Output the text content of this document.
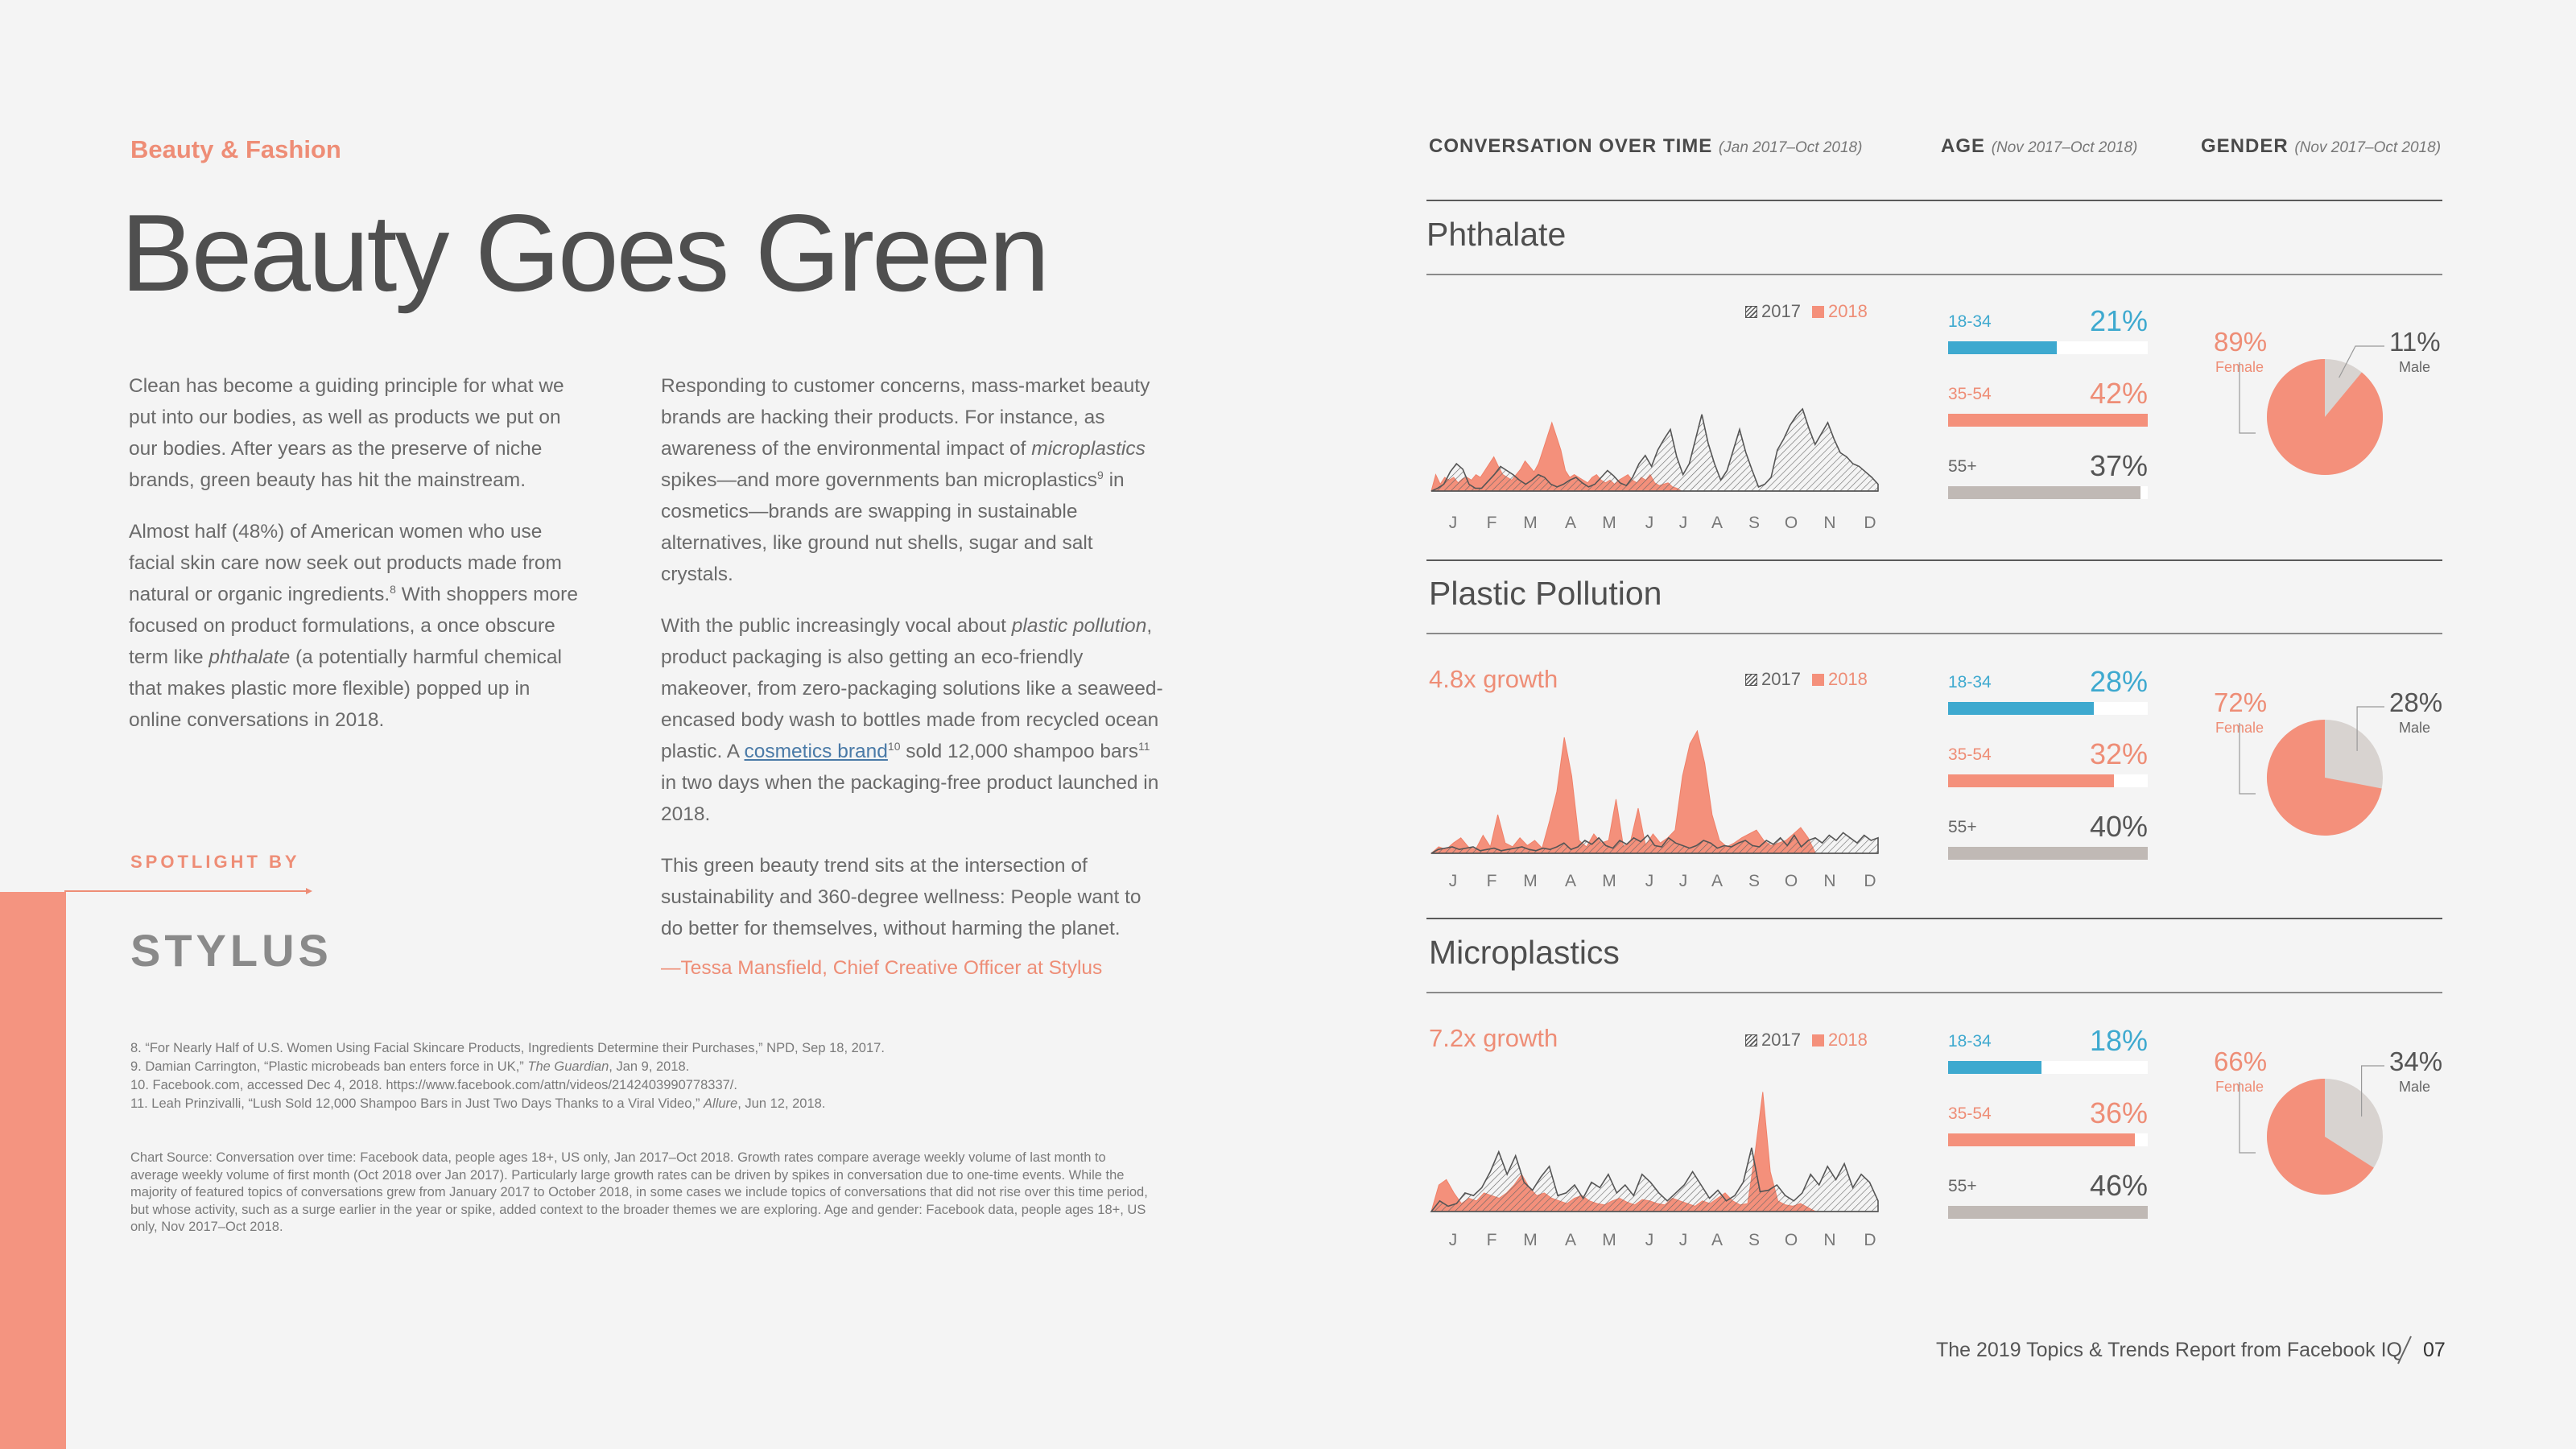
Beauty & Fashion
Beauty Goes Green

Clean has become a guiding principle for what we put into our bodies, as well as products we put on our bodies. After years as the preserve of niche brands, green beauty has hit the mainstream.

Almost half (48%) of American women who use facial skin care now seek out products made from natural or organic ingredients.$^8$ With shoppers more focused on product formulations, a once obscure term like phthalate (a potentially harmful chemical that makes plastic more flexible) popped up in online conversations in 2018.

Responding to customer concerns, mass-market beauty brands are hacking their products. For instance, as awareness of the environmental impact of microplastics spikes—and more governments ban microplastics$^9$ in cosmetics—brands are swapping in sustainable alternatives, like ground nut shells, sugar and salt crystals.

With the public increasingly vocal about plastic pollution, product packaging is also getting an eco-friendly makeover, from zero-packaging solutions like a seaweed-encased body wash to bottles made from recycled ocean plastic. A cosmetics brand$^{10}$ sold 12,000 shampoo bars$^{11}$ in two days when the packaging-free product launched in 2018.

This green beauty trend sits at the intersection of sustainability and 360-degree wellness: People want to do better for themselves, without harming the planet.

—Tessa Mansfield, Chief Creative Officer at Stylus

SPOTLIGHT BY
STYLUS
8. “For Nearly Half of U.S. Women Using Facial Skincare Products, Ingredients Determine their Purchases,” NPD, Sep 18, 2017.
9. Damian Carrington, “Plastic microbeads ban enters force in UK,” The Guardian, Jan 9, 2018.
10. Facebook.com, accessed Dec 4, 2018. https://www.facebook.com/attn/videos/2142403990778337/.
11. Leah Prinzivalli, “Lush Sold 12,000 Shampoo Bars in Just Two Days Thanks to a Viral Video,” Allure, Jun 12, 2018.
Chart Source: Conversation over time: Facebook data, people ages 18+, US only, Jan 2017–Oct 2018. Growth rates compare average weekly volume of last month to average weekly volume of first month (Oct 2018 over Jan 2017). Particularly large growth rates can be driven by spikes in conversation due to one-time events. While the majority of featured topics of conversations grew from January 2017 to October 2018, in some cases we include topics of conversations that did not rise over this time period, but whose activity, such as a surge earlier in the year or spike, added context to the broader themes we are exploring. Age and gender: Facebook data, people ages 18+, US only, Nov 2017–Oct 2018.
CONVERSATION OVER TIME (Jan 2017–Oct 2018)	AGE (Nov 2017–Oct 2018)	GENDER (Nov 2017–Oct 2018)
Phthalate
2017 2018
J	F	M	A	M	J	J	A	S	O	N	D
Plastic Pollution
4.8x growth	2017 2018
J	F	M	A	M	J	J	A	S	O	N	D
Microplastics
7.2x growth	2017 2018
J	F	M	A	M	J	J	A	S	O	N	D
18-34	21%
35-54	42%
55+	37%
89%
Female
11%
Male
18-34	28%
35-54	32%
55+	40%
72%
Female
28%
Male
18-34	18%
35-54	36%
55+	46%
66%
Female
34%
Male
The 2019 Topics & Trends Report from Facebook IQ 07
